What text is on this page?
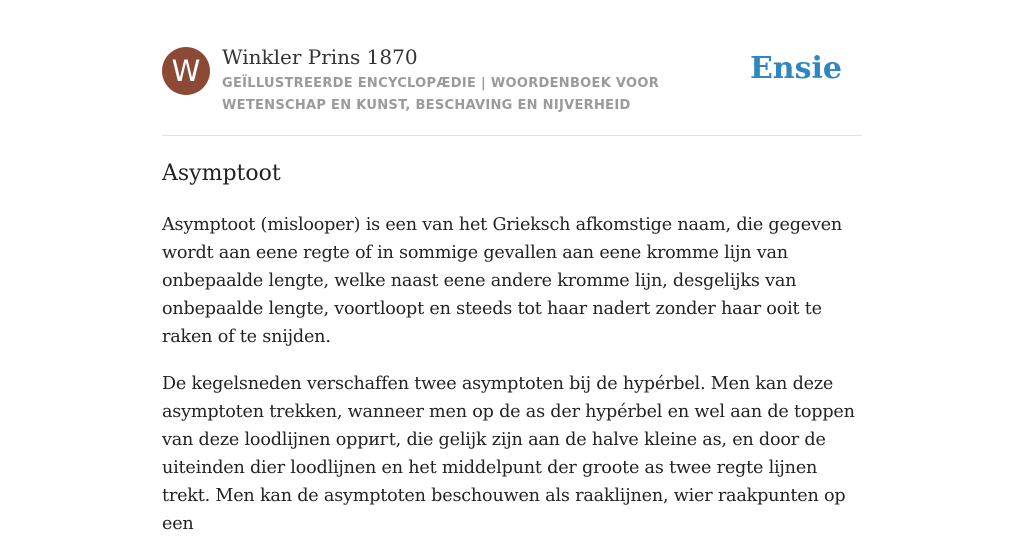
W	Winkler Prins 1870
GEÏLLUSTREERDE ENCYCLOPÆDIE | WOORDENBOEK VOOR WETENSCHAP EN KUNST, BESCHAVING EN NIJVERHEID
Ensie
Asymptoot

Asymptoot (mislooper) is een van het Grieksch afkomstige naam, die gegeven wordt aan eene regte of in sommige gevallen aan eene kromme lijn van onbepaalde lengte, welke naast eene andere kromme lijn, desgelijks van onbepaalde lengte, voortloopt en steeds tot haar nadert zonder haar ooit te raken of te snijden.

De kegelsneden verschaffen twee asymptoten bij de hypérbel. Men kan deze asymptoten trekken, wanneer men op de as der hypérbel en wel aan de toppen van deze loodlijnen opригt, die gelijk zijn aan de halve kleine as, en door de uiteinden dier loodlijnen en het middelpunt der groote as twee regte lijnen trekt. Men kan de asymptoten beschouwen als raaklijnen, wier raakpunten op een
